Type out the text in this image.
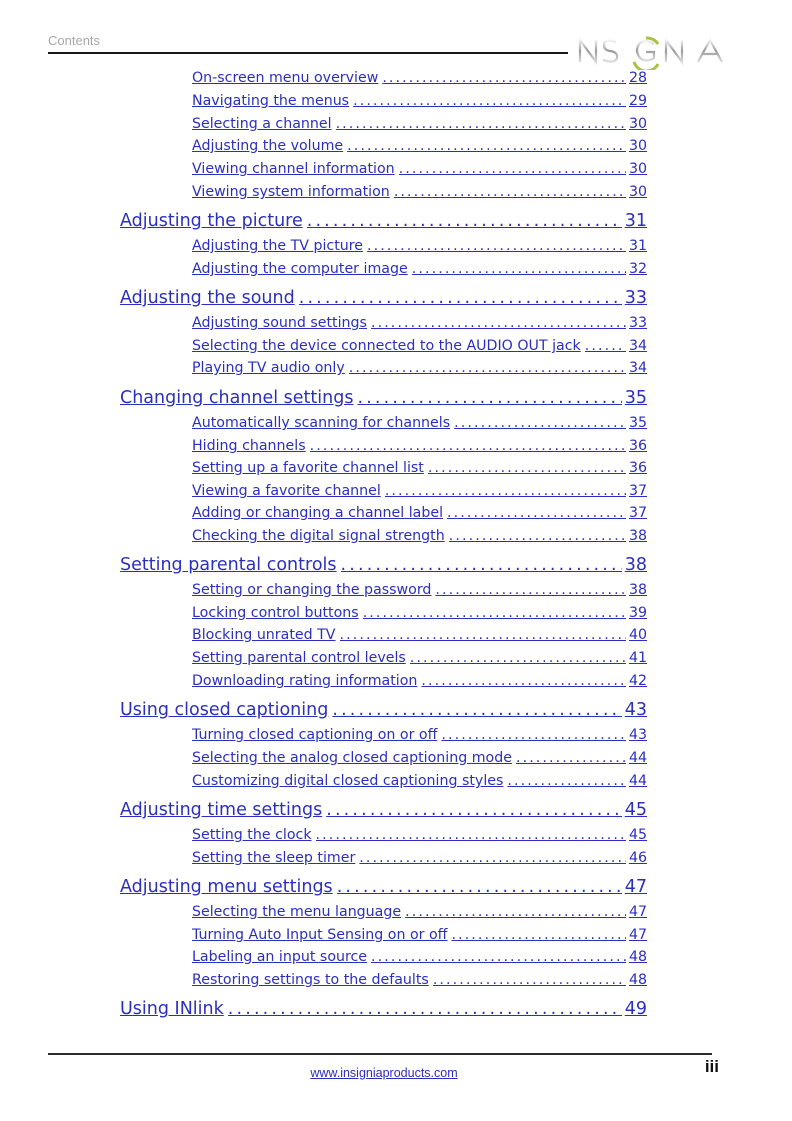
Contents
On-screen menu overview . . .	28
Navigating the menus . . .	29
Selecting a channel . . .	30
Adjusting the volume . . .	30
Viewing channel information . . .	30
Viewing system information . . .	30
Adjusting the picture . . .	31
Adjusting the TV picture . . .	31
Adjusting the computer image . . .	32
Adjusting the sound . . .	33
Adjusting sound settings . . .	33
Selecting the device connected to the AUDIO OUT jack . . .	34
Playing TV audio only . . .	34
Changing channel settings . . .	35
Automatically scanning for channels . . .	35
Hiding channels . . .	36
Setting up a favorite channel list . . .	36
Viewing a favorite channel . . .	37
Adding or changing a channel label . . .	37
Checking the digital signal strength . . .	38
Setting parental controls . . .	38
Setting or changing the password . . .	38
Locking control buttons . . .	39
Blocking unrated TV . . .	40
Setting parental control levels . . .	41
Downloading rating information . . .	42
Using closed captioning . . .	43
Turning closed captioning on or off . . .	43
Selecting the analog closed captioning mode . . .	44
Customizing digital closed captioning styles . . .	44
Adjusting time settings . . .	45
Setting the clock . . .	45
Setting the sleep timer . . .	46
Adjusting menu settings . . .	47
Selecting the menu language . . .	47
Turning Auto Input Sensing on or off . . .	47
Labeling an input source . . .	48
Restoring settings to the defaults . . .	48
Using INlink . . .	49
www.insigniaproducts.com	iii
